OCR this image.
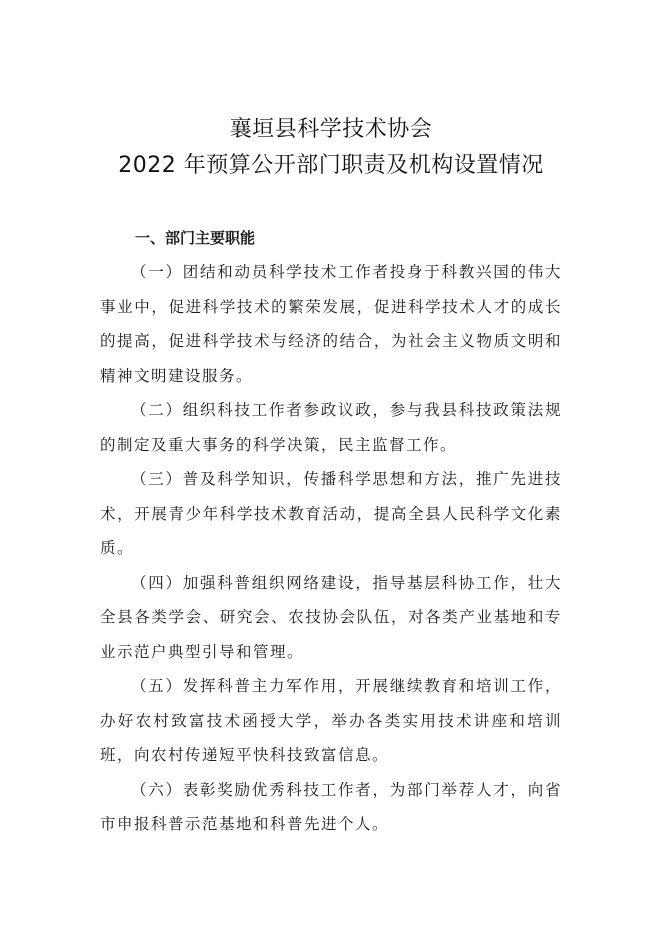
襄垣县科学技术协会
2022 年预算公开部门职责及机构设置情况

一、部门主要职能

（一）团结和动员科学技术工作者投身于科教兴国的伟大事业中，促进科学技术的繁荣发展，促进科学技术人才的成长的提高，促进科学技术与经济的结合，为社会主义物质文明和精神文明建设服务。

（二）组织科技工作者参政议政，参与我县科技政策法规的制定及重大事务的科学决策，民主监督工作。

（三）普及科学知识，传播科学思想和方法，推广先进技术，开展青少年科学技术教育活动，提高全县人民科学文化素质。

（四）加强科普组织网络建设，指导基层科协工作，壮大全县各类学会、研究会、农技协会队伍，对各类产业基地和专业示范户典型引导和管理。

（五）发挥科普主力军作用，开展继续教育和培训工作，办好农村致富技术函授大学，举办各类实用技术讲座和培训班，向农村传递短平快科技致富信息。

（六）表彰奖励优秀科技工作者，为部门举荐人才，向省市申报科普示范基地和科普先进个人。
